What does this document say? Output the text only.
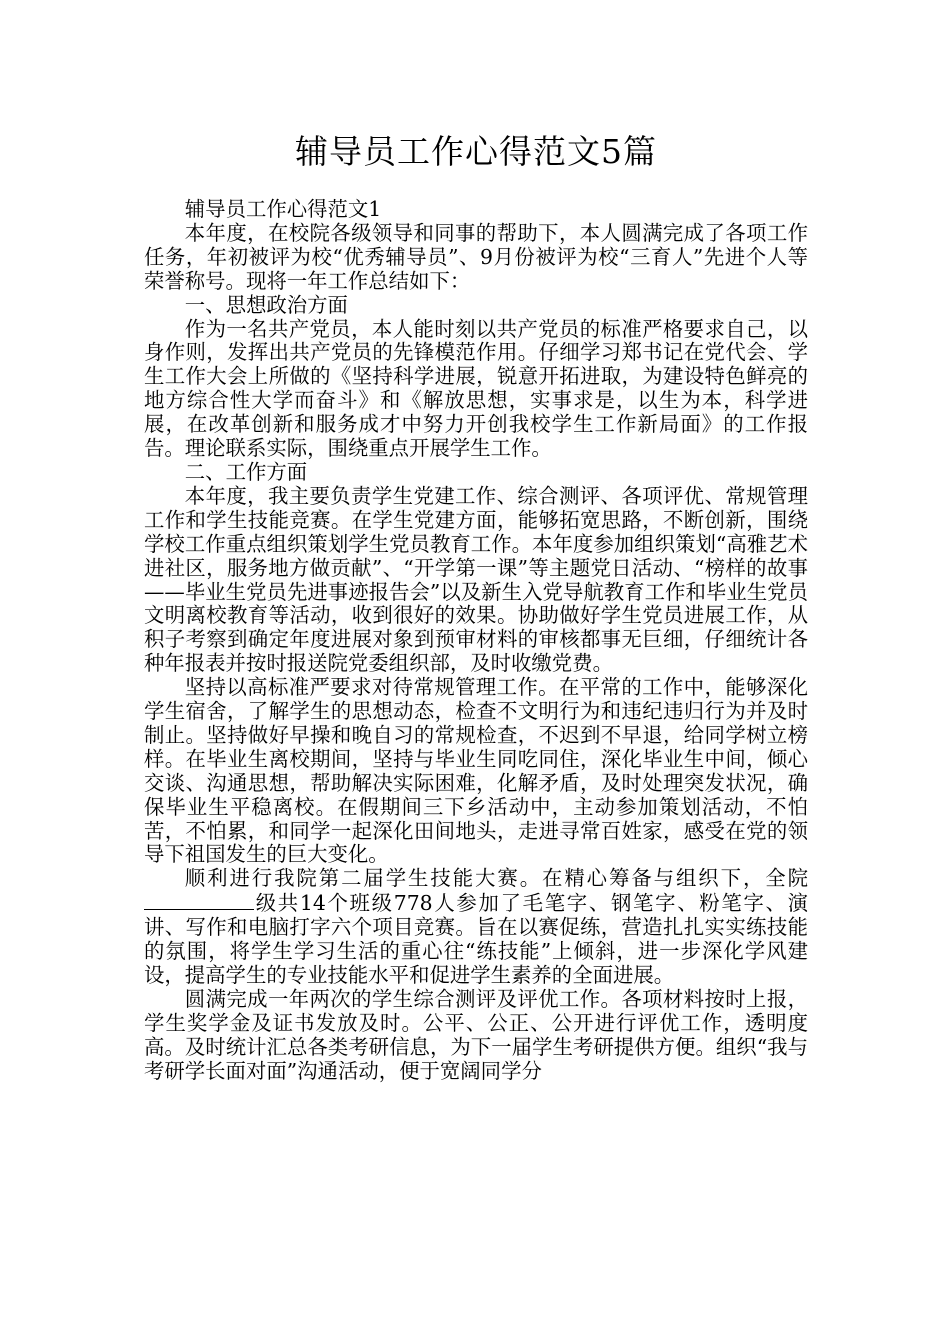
辅导员工作心得范文5篇

辅导员工作心得范文1

本年度，在校院各级领导和同事的帮助下，本人圆满完成了各项工作任务，年初被评为校“优秀辅导员”、9月份被评为校“三育人”先进个人等荣誉称号。现将一年工作总结如下：

一、思想政治方面

作为一名共产党员，本人能时刻以共产党员的标准严格要求自己，以身作则，发挥出共产党员的先锋模范作用。仔细学习郑书记在党代会、学生工作大会上所做的《坚持科学进展，锐意开拓进取，为建设特色鲜亮的地方综合性大学而奋斗》和《解放思想，实事求是，以生为本，科学进展，在改革创新和服务成才中努力开创我校学生工作新局面》的工作报告。理论联系实际，围绕重点开展学生工作。

二、工作方面

本年度，我主要负责学生党建工作、综合测评、各项评优、常规管理工作和学生技能竞赛。在学生党建方面，能够拓宽思路，不断创新，围绕学校工作重点组织策划学生党员教育工作。本年度参加组织策划“高雅艺术进社区，服务地方做贡献”、“开学第一课”等主题党日活动、“榜样的故事——毕业生党员先进事迹报告会”以及新生入党导航教育工作和毕业生党员文明离校教育等活动，收到很好的效果。协助做好学生党员进展工作，从积子考察到确定年度进展对象到预审材料的审核都事无巨细，仔细统计各种年报表并按时报送院党委组织部，及时收缴党费。

坚持以高标准严要求对待常规管理工作。在平常的工作中，能够深化学生宿舍，了解学生的思想动态，检查不文明行为和违纪违归行为并及时制止。坚持做好早操和晚自习的常规检查，不迟到不早退，给同学树立榜样。在毕业生离校期间，坚持与毕业生同吃同住，深化毕业生中间，倾心交谈、沟通思想，帮助解决实际困难，化解矛盾，及时处理突发状况，确保毕业生平稳离校。在假期间三下乡活动中，主动参加策划活动，不怕苦，不怕累，和同学一起深化田间地头，走进寻常百姓家，感受在党的领导下祖国发生的巨大变化。

顺利进行我院第二届学生技能大赛。在精心筹备与组织下，全院级共14个班级778人参加了毛笔字、钢笔字、粉笔字、演讲、写作和电脑打字六个项目竞赛。旨在以赛促练，营造扎扎实实练技能的氛围，将学生学习生活的重心往“练技能”上倾斜，进一步深化学风建设，提高学生的专业技能水平和促进学生素养的全面进展。

圆满完成一年两次的学生综合测评及评优工作。各项材料按时上报，学生奖学金及证书发放及时。公平、公正、公开进行评优工作，透明度高。及时统计汇总各类考研信息，为下一届学生考研提供方便。组织“我与考研学长面对面”沟通活动，便于宽阔同学分
